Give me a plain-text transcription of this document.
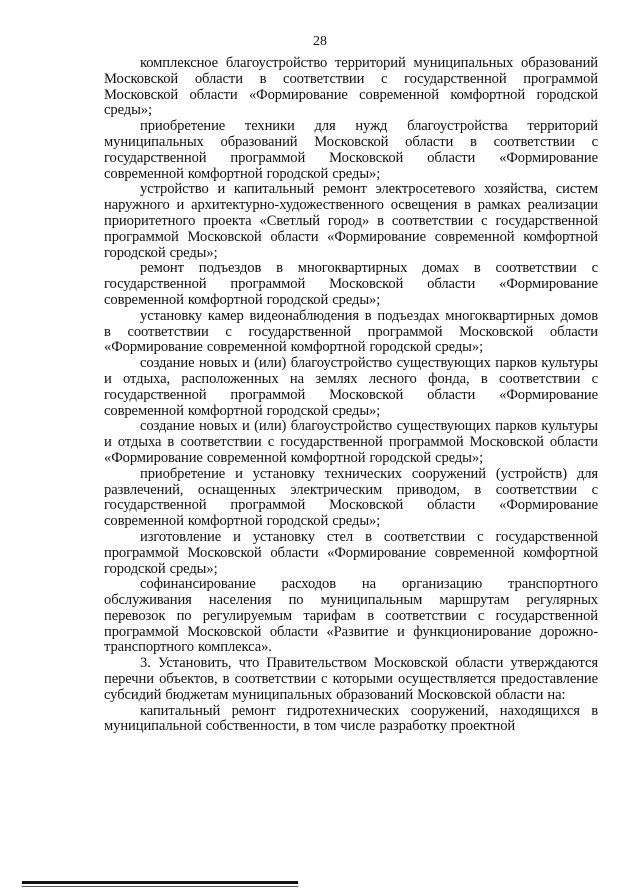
28

комплексное благоустройство территорий муниципальных образований Московской области в соответствии с государственной программой Московской области «Формирование современной комфортной городской среды»;

приобретение техники для нужд благоустройства территорий муниципальных образований Московской области в соответствии с государственной программой Московской области «Формирование современной комфортной городской среды»;

устройство и капитальный ремонт электросетевого хозяйства, систем наружного и архитектурно-художественного освещения в рамках реализации приоритетного проекта «Светлый город» в соответствии с государственной программой Московской области «Формирование современной комфортной городской среды»;

ремонт подъездов в многоквартирных домах в соответствии с государственной программой Московской области «Формирование современной комфортной городской среды»;

установку камер видеонаблюдения в подъездах многоквартирных домов в соответствии с государственной программой Московской области «Формирование современной комфортной городской среды»;

создание новых и (или) благоустройство существующих парков культуры и отдыха, расположенных на землях лесного фонда, в соответствии с государственной программой Московской области «Формирование современной комфортной городской среды»;

создание новых и (или) благоустройство существующих парков культуры и отдыха в соответствии с государственной программой Московской области «Формирование современной комфортной городской среды»;

приобретение и установку технических сооружений (устройств) для развлечений, оснащенных электрическим приводом, в соответствии с государственной программой Московской области «Формирование современной комфортной городской среды»;

изготовление и установку стел в соответствии с государственной программой Московской области «Формирование современной комфортной городской среды»;

софинансирование расходов на организацию транспортного обслуживания населения по муниципальным маршрутам регулярных перевозок по регулируемым тарифам в соответствии с государственной программой Московской области «Развитие и функционирование дорожно-транспортного комплекса».

3. Установить, что Правительством Московской области утверждаются перечни объектов, в соответствии с которыми осуществляется предоставление субсидий бюджетам муниципальных образований Московской области на:

капитальный ремонт гидротехнических сооружений, находящихся в муниципальной собственности, в том числе разработку проектной
